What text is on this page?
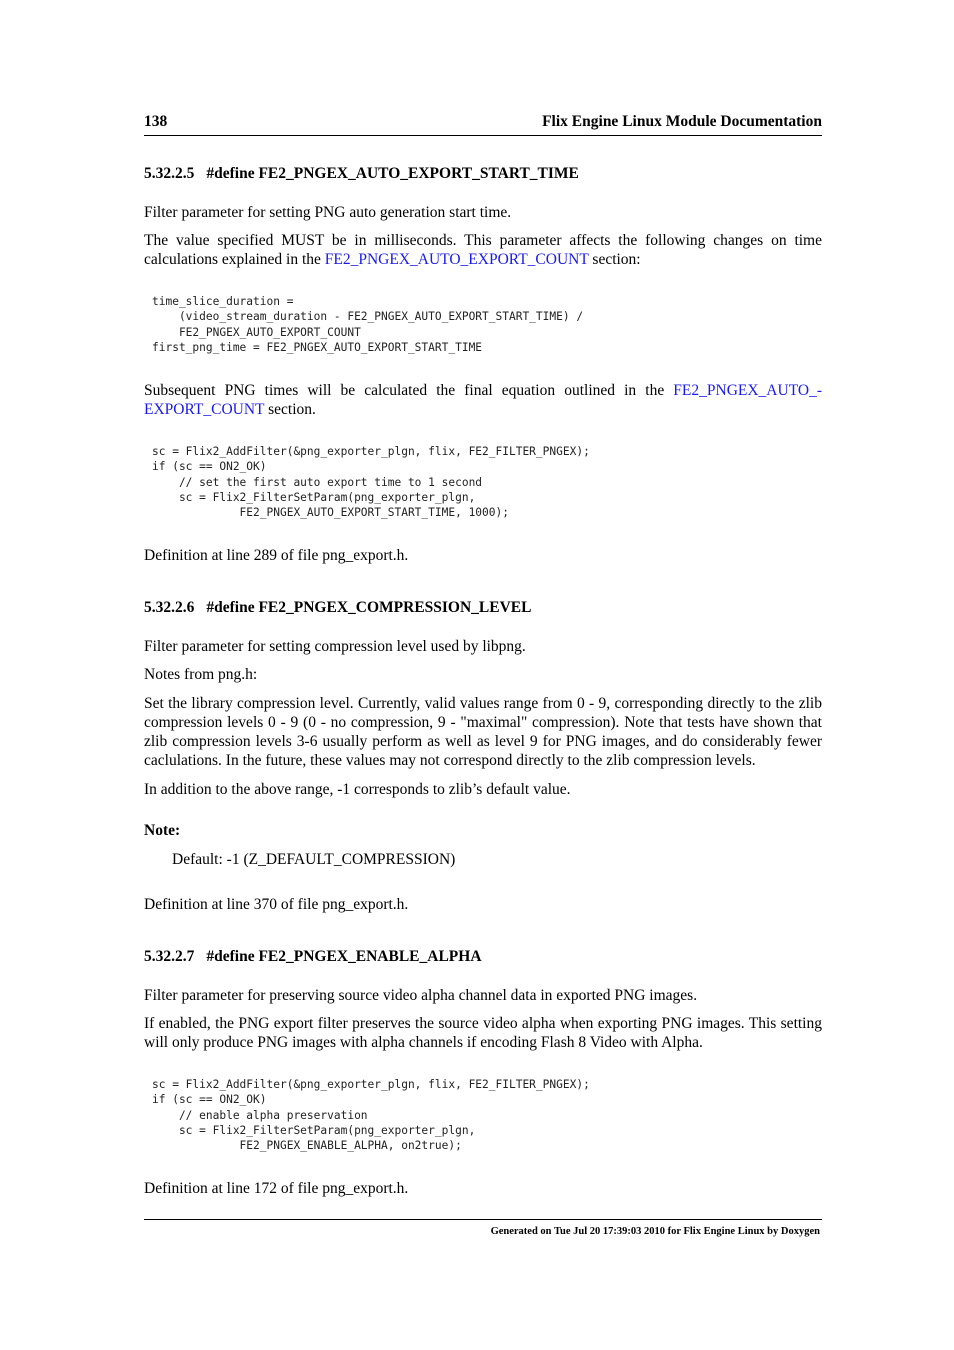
138	Flix Engine Linux Module Documentation
5.32.2.5 #define FE2_PNGEX_AUTO_EXPORT_START_TIME

Filter parameter for setting PNG auto generation start time.

The value specified MUST be in milliseconds. This parameter affects the following changes on time calculations explained in the FE2_PNGEX_AUTO_EXPORT_COUNT section:

time_slice_duration =
(video_stream_duration - FE2_PNGEX_AUTO_EXPORT_START_TIME) /
FE2_PNGEX_AUTO_EXPORT_COUNT
first_png_time = FE2_PNGEX_AUTO_EXPORT_START_TIME

Subsequent PNG times will be calculated the final equation outlined in the FE2_PNGEX_AUTO_-EXPORT_COUNT section.

sc = Flix2_AddFilter(&png_exporter_plgn, flix, FE2_FILTER_PNGEX);
if (sc == ON2_OK)
// set the first auto export time to 1 second
sc = Flix2_FilterSetParam(png_exporter_plgn,
FE2_PNGEX_AUTO_EXPORT_START_TIME, 1000);

Definition at line 289 of file png_export.h.

5.32.2.6 #define FE2_PNGEX_COMPRESSION_LEVEL

Filter parameter for setting compression level used by libpng.

Notes from png.h:

Set the library compression level. Currently, valid values range from 0 - 9, corresponding directly to the zlib compression levels 0 - 9 (0 - no compression, 9 - "maximal" compression). Note that tests have shown that zlib compression levels 3-6 usually perform as well as level 9 for PNG images, and do considerably fewer caclulations. In the future, these values may not correspond directly to the zlib compression levels.

In addition to the above range, -1 corresponds to zlib’s default value.

Note:
Default: -1 (Z_DEFAULT_COMPRESSION)

Definition at line 370 of file png_export.h.

5.32.2.7 #define FE2_PNGEX_ENABLE_ALPHA

Filter parameter for preserving source video alpha channel data in exported PNG images.

If enabled, the PNG export filter preserves the source video alpha when exporting PNG images. This setting will only produce PNG images with alpha channels if encoding Flash 8 Video with Alpha.

sc = Flix2_AddFilter(&png_exporter_plgn, flix, FE2_FILTER_PNGEX);
if (sc == ON2_OK)
// enable alpha preservation
sc = Flix2_FilterSetParam(png_exporter_plgn,
FE2_PNGEX_ENABLE_ALPHA, on2true);

Definition at line 172 of file png_export.h.

Generated on Tue Jul 20 17:39:03 2010 for Flix Engine Linux by Doxygen
